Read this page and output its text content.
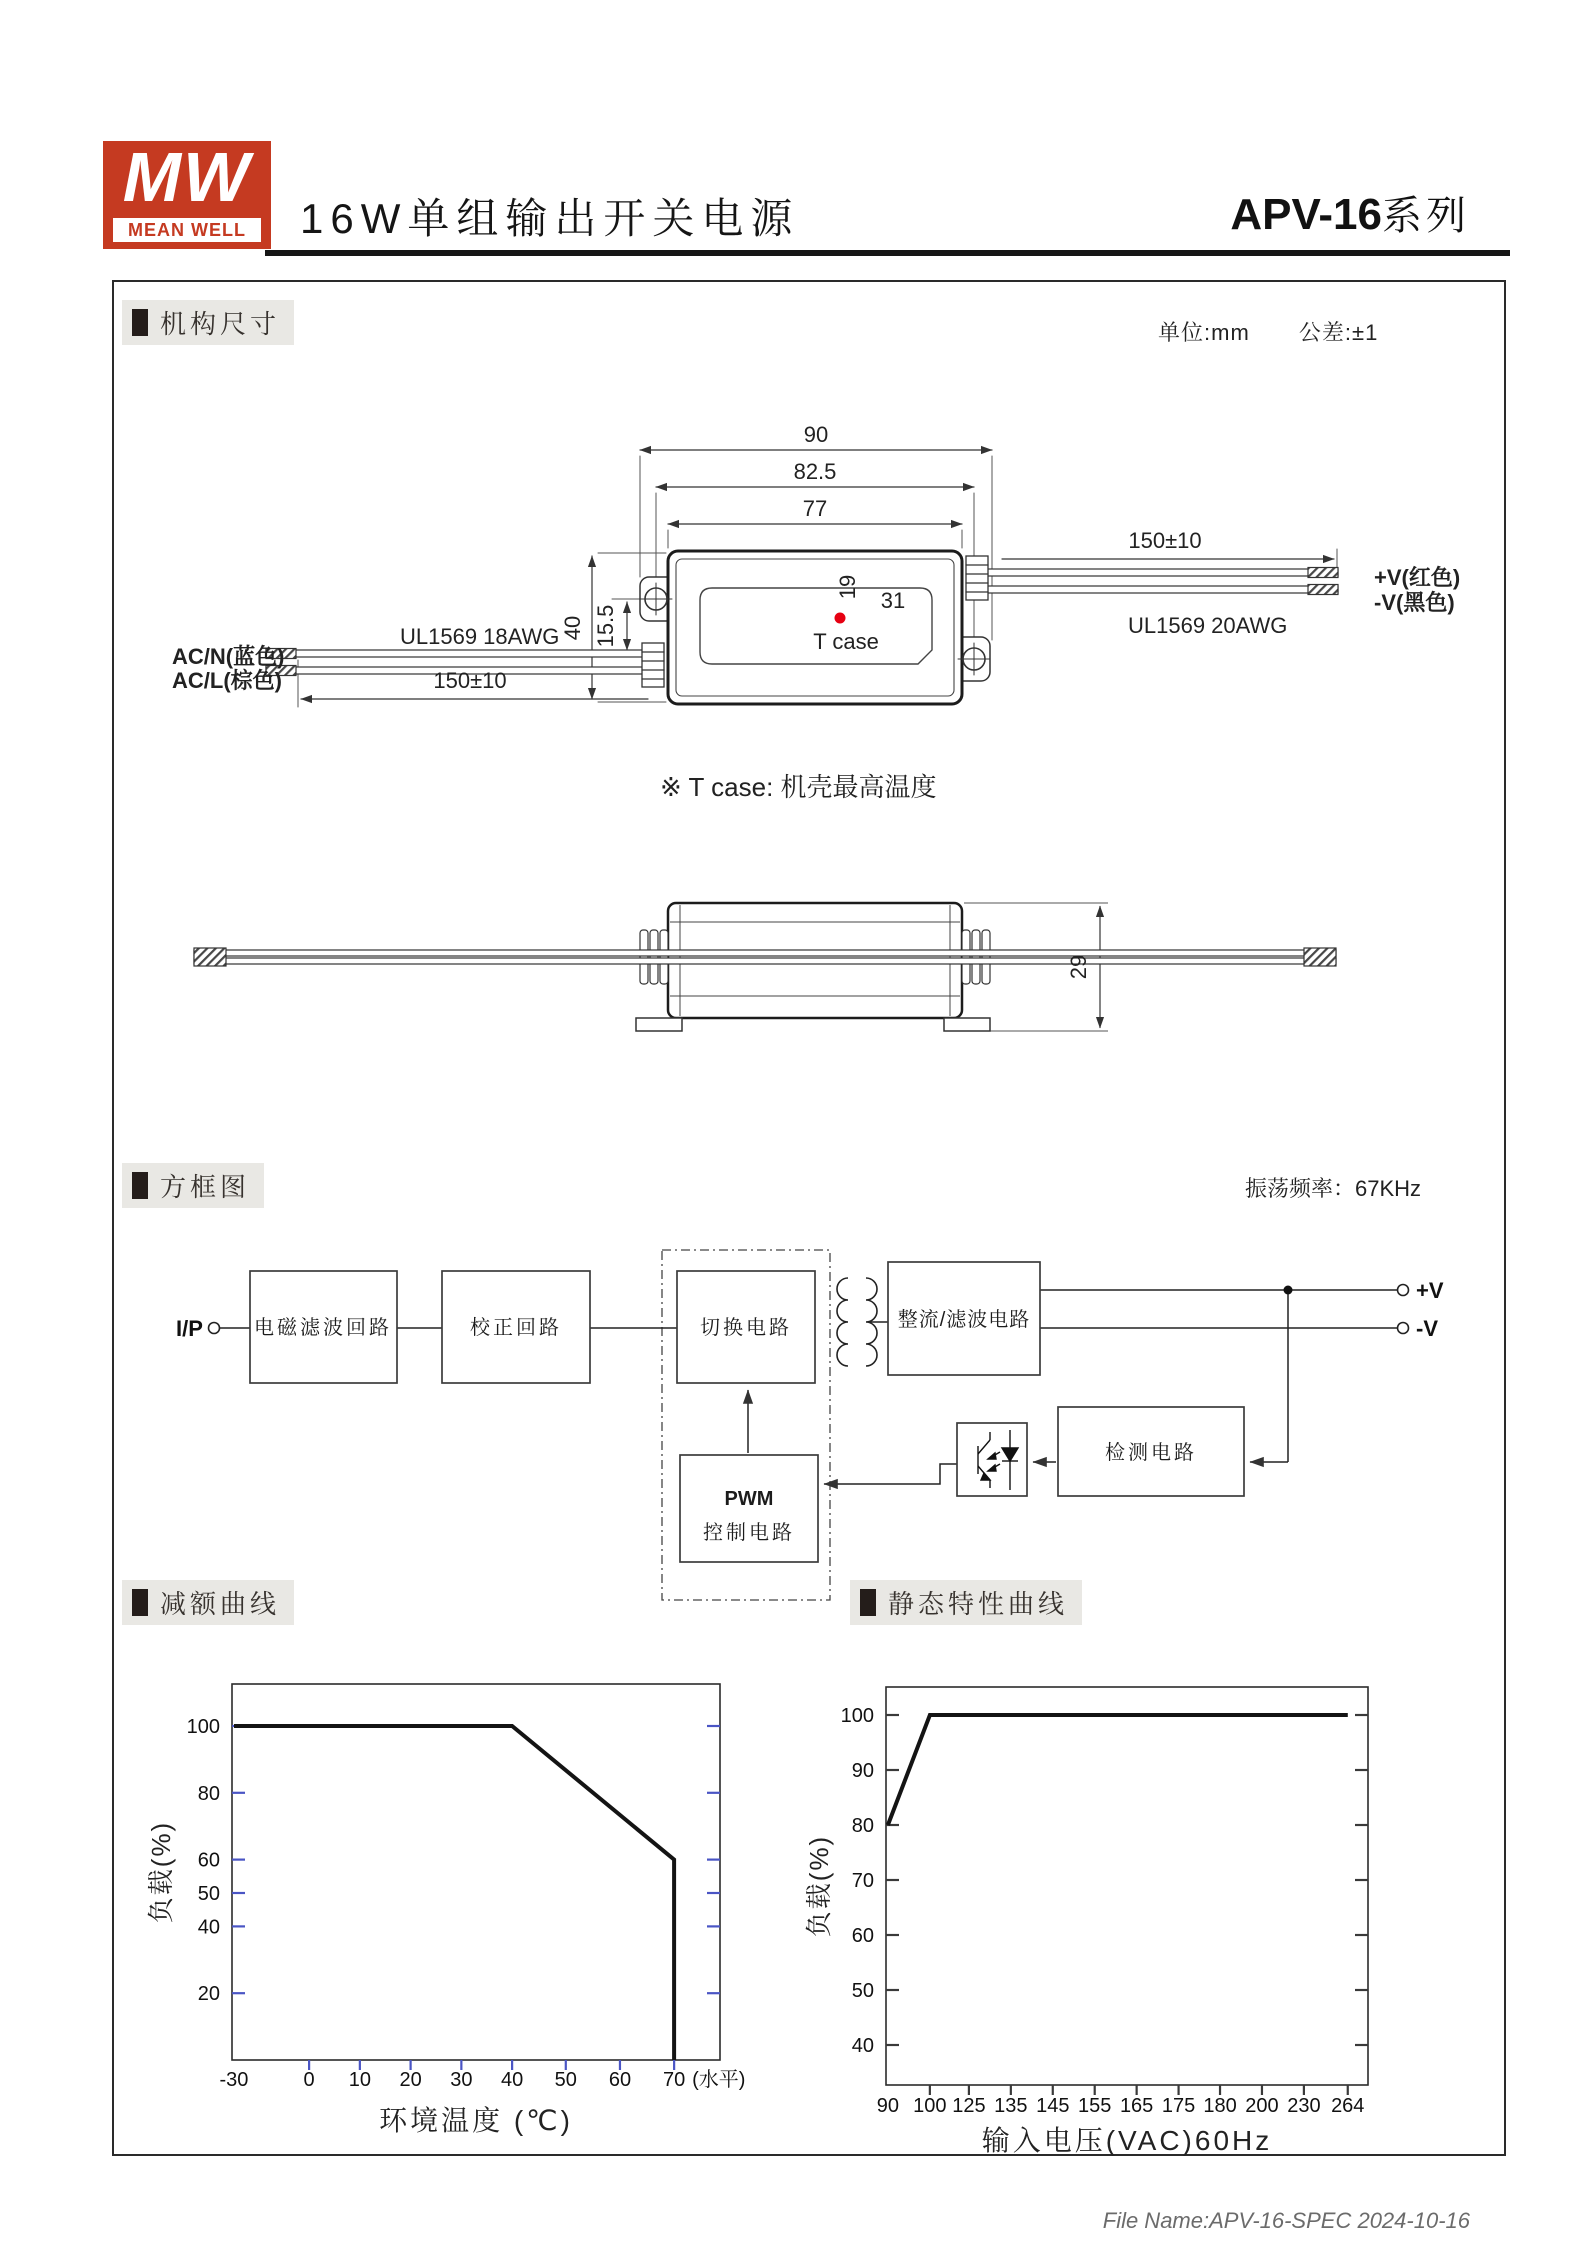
MW
MEAN WELL 16W单组输出开关电源	APV-16系列
机构尺寸	单位:mm 公差:±1
方框图	振荡频率：67KHz
减额曲线	静态特性曲线
90
82.5
77
40 15.5
19
31
150±10
150±10
T case
AC/N(蓝色)
AC/L(棕色)
+V(红色)
-V(黑色)
UL1569 18AWG	UL1569 20AWG
※ T case: 机壳最高温度
29
电磁滤波回路	校正回路	切换电路	整流/滤波电路
检测电路
PWM
控制电路
I/P
+V
-V
20
40
50
60
80
100
-30	0 10 20 30 40 50 60 70 (水平)
负载(%)
环境温度 (℃)
40
50
60
70
80
90
100
90 100 125 135 145 155 165 175 180 200 230 264
负载(%)
输入电压(VAC)60Hz
File Name:APV-16-SPEC 2024-10-16
